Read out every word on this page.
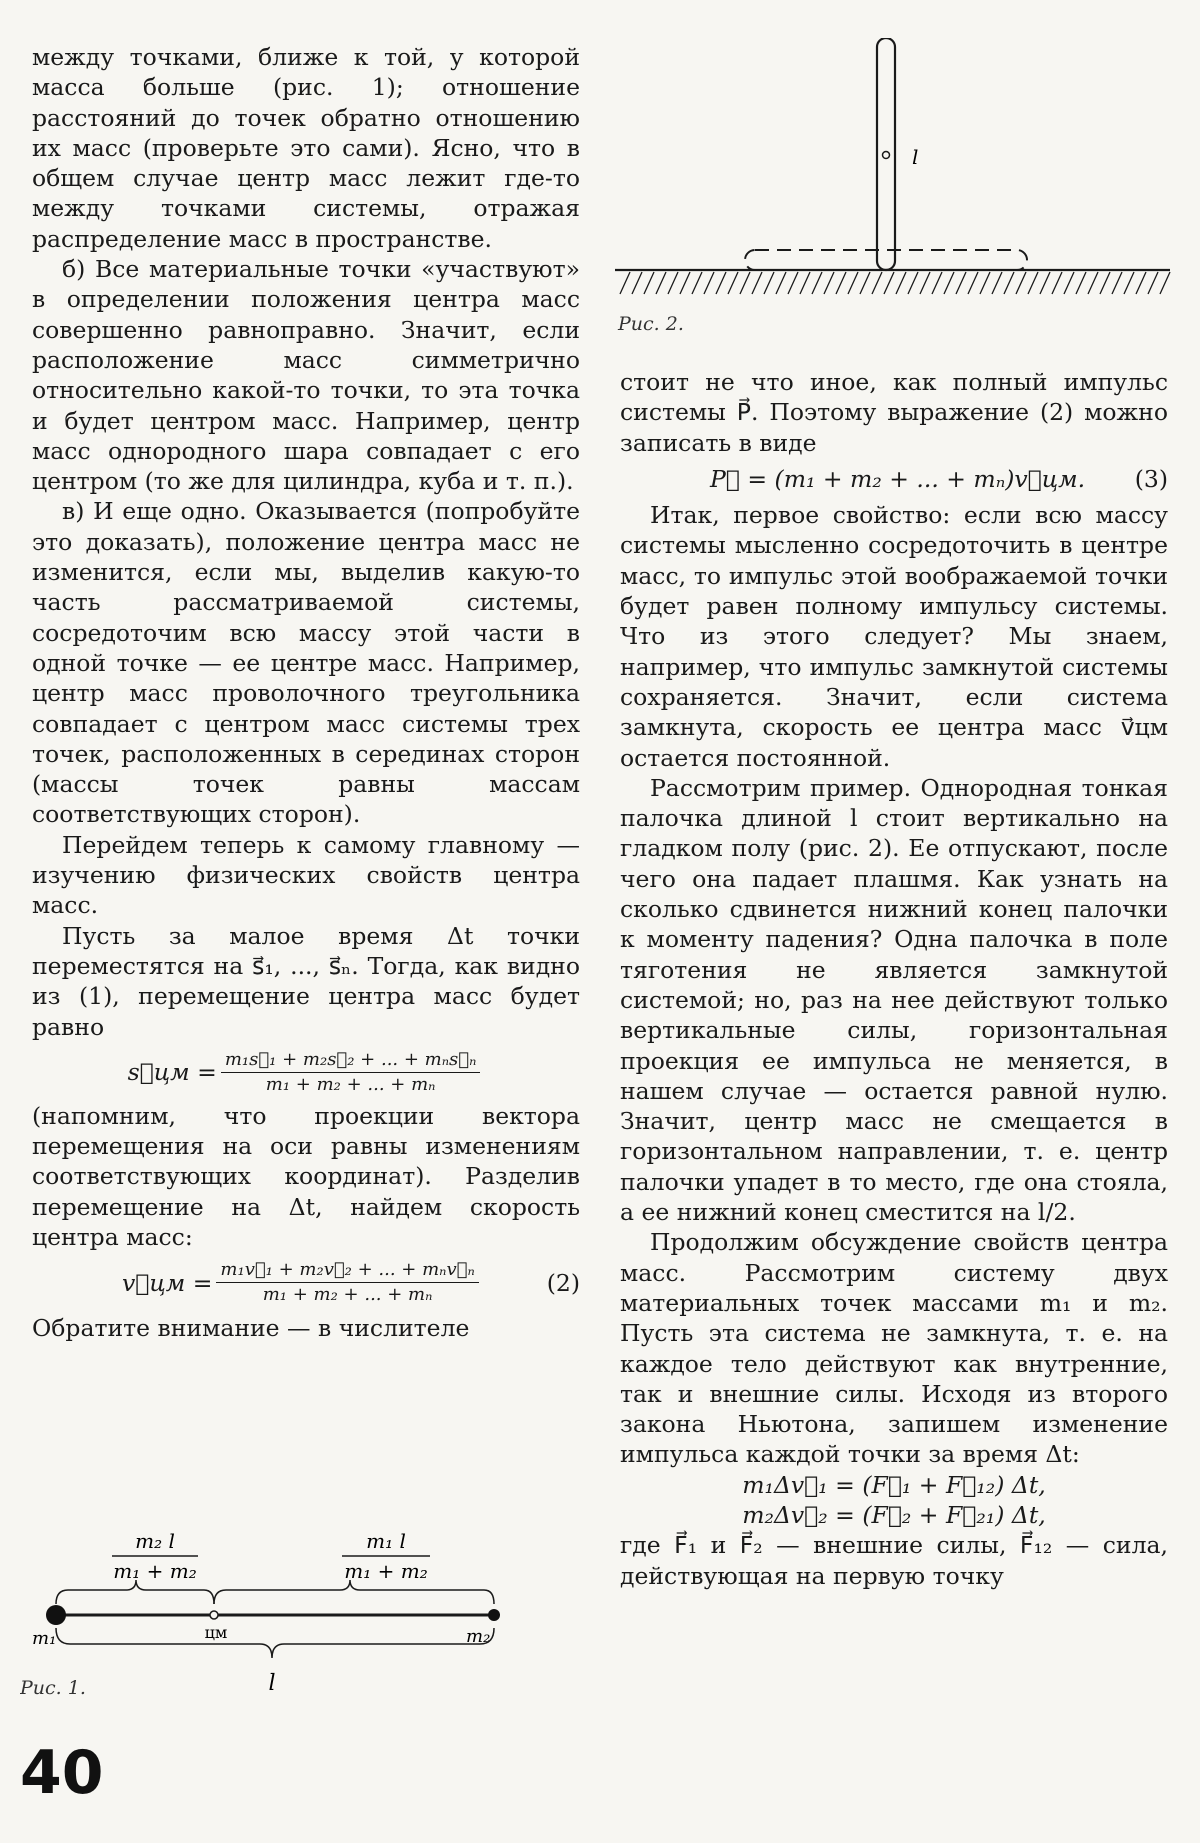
между точками, ближе к той, у которой масса больше (рис. 1); отношение расстояний до точек обратно отношению их масс (проверьте это сами). Ясно, что в общем случае центр масс лежит где-то между точками системы, отражая распределение масс в пространстве.

б) Все материальные точки «участвуют» в определении положения центра масс совершенно равноправно. Значит, если расположение масс симметрично относительно какой-то точки, то эта точка и будет центром масс. Например, центр масс однородного шара совпадает с его центром (то же для цилиндра, куба и т. п.).

в) И еще одно. Оказывается (попробуйте это доказать), положение центра масс не изменится, если мы, выделив какую-то часть рассматриваемой системы, сосредоточим всю массу этой части в одной точке — ее центре масс. Например, центр масс проволочного треугольника совпадает с центром масс системы трех точек, расположенных в серединах сторон (массы точек равны массам соответствующих сторон).

Перейдем теперь к самому главному — изучению физических свойств центра масс.

Пусть за малое время Δt точки переместятся на s⃗₁, ..., s⃗ₙ. Тогда, как видно из (1), перемещение центра масс будет равно

s⃗цм = $\frac{\text{m₁s⃗₁ + m₂s⃗₂ + ... + mₙs⃗ₙ}}{\text{m₁ + m₂ + ... + mₙ}}$

(напомним, что проекции вектора перемещения на оси равны изменениям соответствующих координат). Разделив перемещение на Δt, найдем скорость центра масс:

v⃗цм = $\frac{\text{m₁v⃗₁ + m₂v⃗₂ + ... + mₙv⃗ₙ}}{\text{m₁ + m₂ + ... + mₙ}}$	(2)

Обратите внимание — в числителе

m₂ l
m₁ + m₂
m₁ l
m₁ + m₂
цм
m₁	m₂
l
Рис. 1.
l
Рис. 2.

стоит не что иное, как полный импульс системы P⃗. Поэтому выражение (2) можно записать в виде

P⃗ = (m₁ + m₂ + ... + mₙ)v⃗цм. (3)

Итак, первое свойство: если всю массу системы мысленно сосредоточить в центре масс, то импульс этой воображаемой точки будет равен полному импульсу системы. Что из этого следует? Мы знаем, например, что импульс замкнутой системы сохраняется. Значит, если система замкнута, скорость ее центра масс v⃗цм остается постоянной.

Рассмотрим пример. Однородная тонкая палочка длиной l стоит вертикально на гладком полу (рис. 2). Ее отпускают, после чего она падает плашмя. Как узнать на сколько сдвинется нижний конец палочки к моменту падения? Одна палочка в поле тяготения не является замкнутой системой; но, раз на нее действуют только вертикальные силы, горизонтальная проекция ее импульса не меняется, в нашем случае — остается равной нулю. Значит, центр масс не смещается в горизонтальном направлении, т. е. центр палочки упадет в то место, где она стояла, а ее нижний конец сместится на l/2.

Продолжим обсуждение свойств центра масс. Рассмотрим систему двух материальных точек массами m₁ и m₂. Пусть эта система не замкнута, т. е. на каждое тело действуют как внутренние, так и внешние силы. Исходя из второго закона Ньютона, запишем изменение импульса каждой точки за время Δt:

m₁Δv⃗₁ = (F⃗₁ + F⃗₁₂) Δt,

m₂Δv⃗₂ = (F⃗₂ + F⃗₂₁) Δt,

где F⃗₁ и F⃗₂ — внешние силы, F⃗₁₂ — сила, действующая на первую точку

40
